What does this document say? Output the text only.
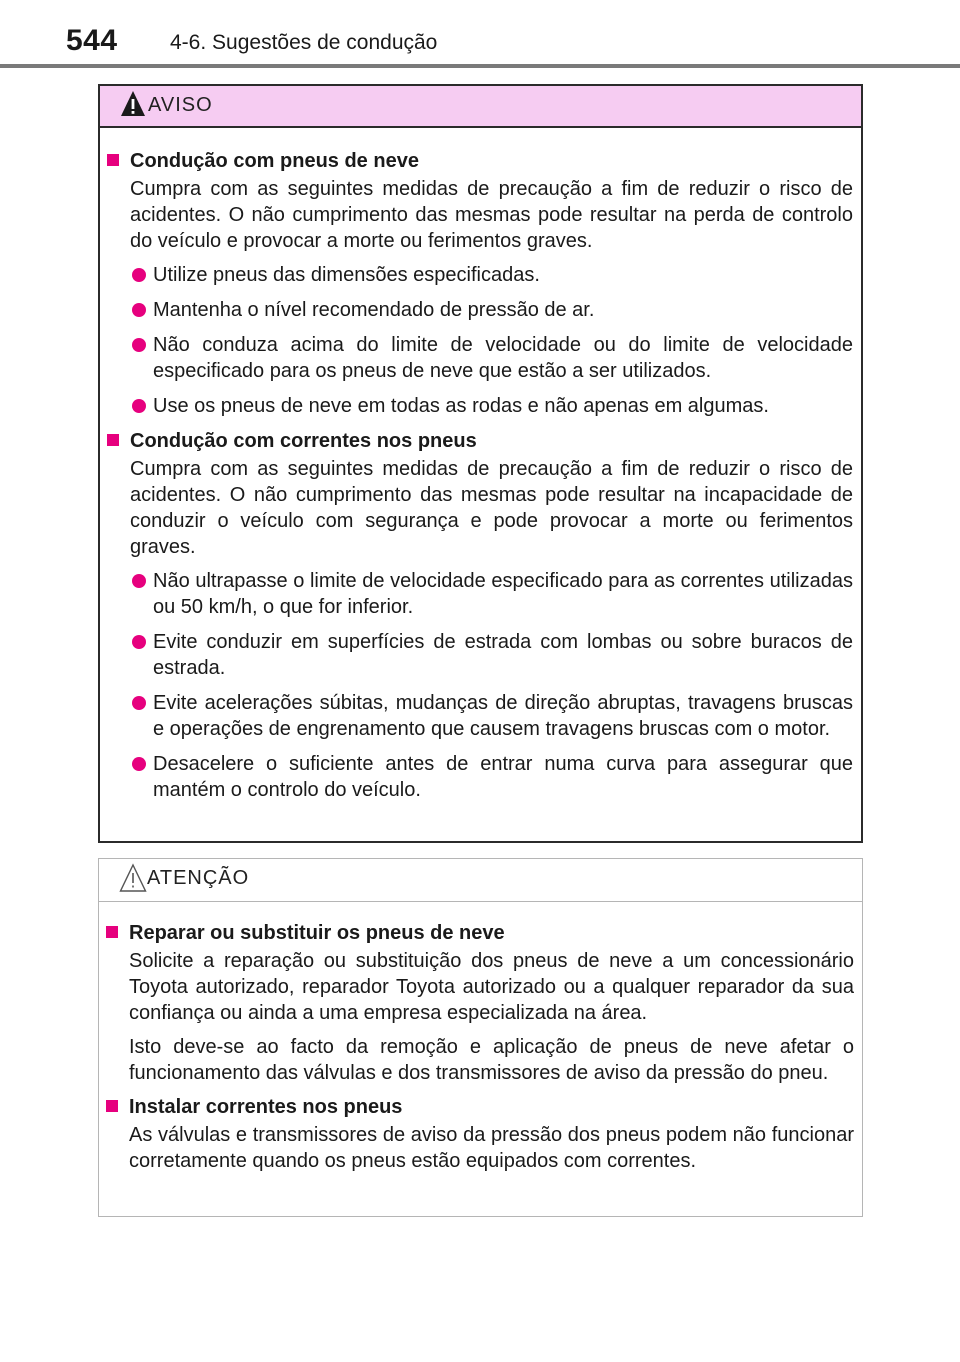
544 4-6. Sugestões de condução
AVISO
Condução com pneus de neve

Cumpra com as seguintes medidas de precaução a fim de reduzir o risco de acidentes. O não cumprimento das mesmas pode resultar na perda de controlo do veículo e provocar a morte ou ferimentos graves.

Utilize pneus das dimensões especificadas.
Mantenha o nível recomendado de pressão de ar.
Não conduza acima do limite de velocidade ou do limite de velocidade especificado para os pneus de neve que estão a ser utilizados.
Use os pneus de neve em todas as rodas e não apenas em algumas.
Condução com correntes nos pneus

Cumpra com as seguintes medidas de precaução a fim de reduzir o risco de acidentes. O não cumprimento das mesmas pode resultar na incapacidade de conduzir o veículo com segurança e pode provocar a morte ou ferimentos graves.

Não ultrapasse o limite de velocidade especificado para as correntes utilizadas ou 50 km/h, o que for inferior.
Evite conduzir em superfícies de estrada com lombas ou sobre buracos de estrada.
Evite acelerações súbitas, mudanças de direção abruptas, travagens bruscas e operações de engrenamento que causem travagens bruscas com o motor.
Desacelere o suficiente antes de entrar numa curva para assegurar que mantém o controlo do veículo.
ATENÇÃO
Reparar ou substituir os pneus de neve

Solicite a reparação ou substituição dos pneus de neve a um concessionário Toyota autorizado, reparador Toyota autorizado ou a qualquer reparador da sua confiança ou ainda a uma empresa especializada na área.

Isto deve-se ao facto da remoção e aplicação de pneus de neve afetar o funcionamento das válvulas e dos transmissores de aviso da pressão do pneu.

Instalar correntes nos pneus

As válvulas e transmissores de aviso da pressão dos pneus podem não funcionar corretamente quando os pneus estão equipados com correntes.
